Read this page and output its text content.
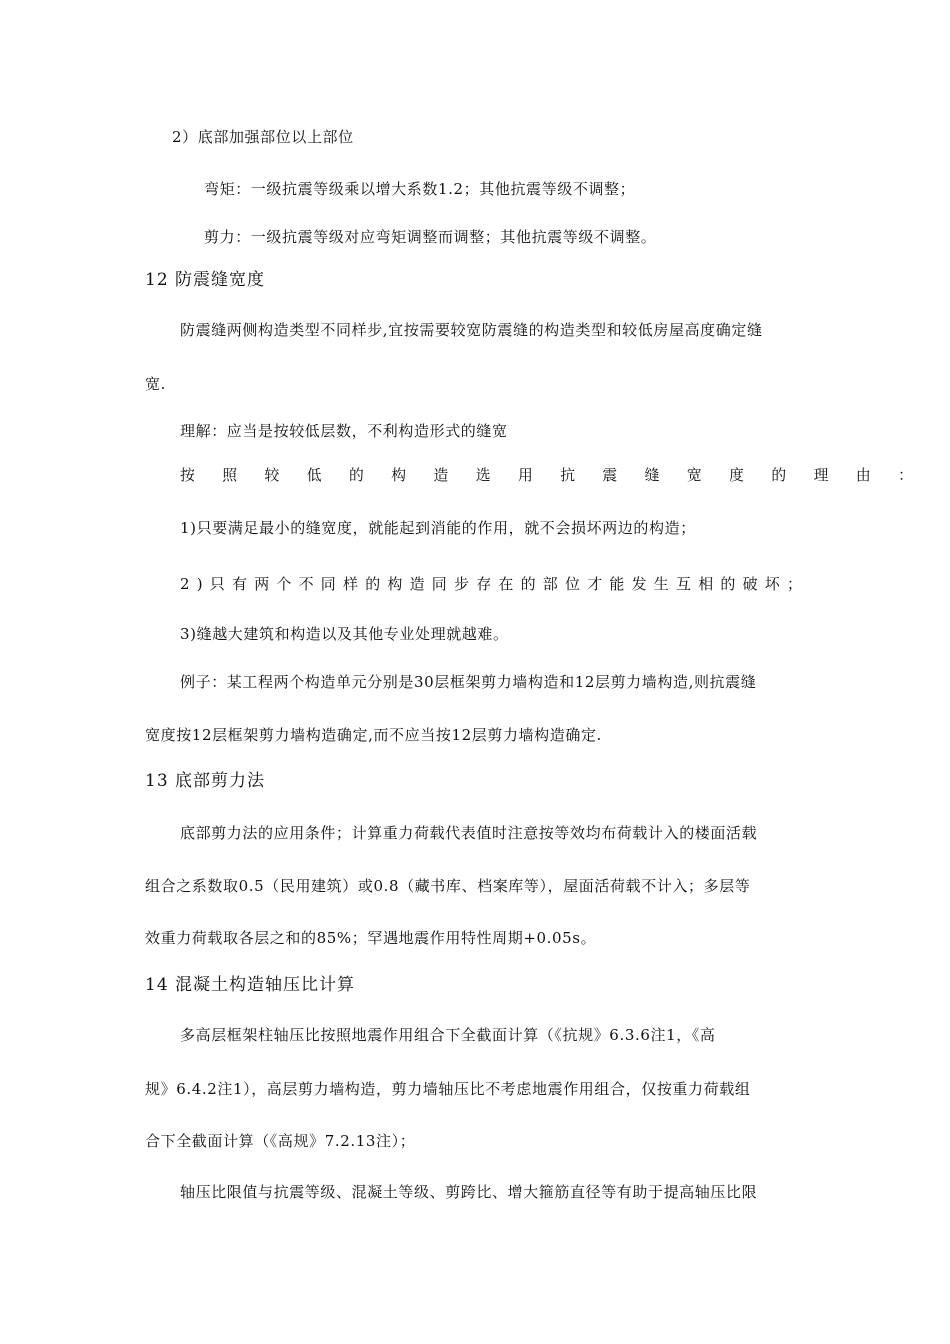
2）底部加强部位以上部位

弯矩：一级抗震等级乘以增大系数1.2；其他抗震等级不调整；

剪力：一级抗震等级对应弯矩调整而调整；其他抗震等级不调整。

12 防震缝宽度

防震缝两侧构造类型不同样步,宜按需要较宽防震缝的构造类型和较低房屋高度确定缝

宽.

理解：应当是按较低层数，不利构造形式的缝宽

按照较低的构造选用抗震缝宽度的理由：

1)只要满足最小的缝宽度，就能起到消能的作用，就不会损坏两边的构造；

2)只有两个不同样的构造同步存在的部位才能发生互相的破坏；

3)缝越大建筑和构造以及其他专业处理就越难。

例子：某工程两个构造单元分别是30层框架剪力墙构造和12层剪力墙构造,则抗震缝

宽度按12层框架剪力墙构造确定,而不应当按12层剪力墙构造确定.

13 底部剪力法

底部剪力法的应用条件；计算重力荷载代表值时注意按等效均布荷载计入的楼面活载

组合之系数取0.5（民用建筑）或0.8（藏书库、档案库等），屋面活荷载不计入；多层等

效重力荷载取各层之和的85%；罕遇地震作用特性周期+0.05s。

14 混凝土构造轴压比计算

多高层框架柱轴压比按照地震作用组合下全截面计算（《抗规》6.3.6注1，《高

规》6.4.2注1），高层剪力墙构造，剪力墙轴压比不考虑地震作用组合，仅按重力荷载组

合下全截面计算（《高规》7.2.13注）；

轴压比限值与抗震等级、混凝土等级、剪跨比、增大箍筋直径等有助于提高轴压比限
